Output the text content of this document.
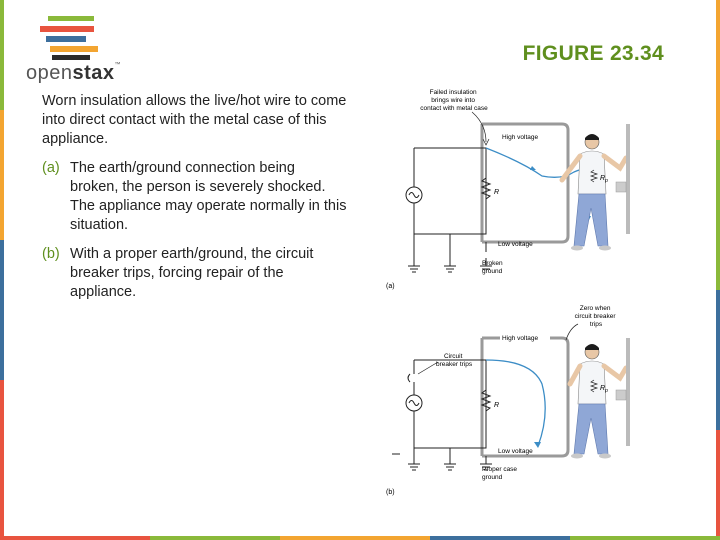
openstax™	FIGURE 23.34

Worn insulation allows the live/hot wire to come into direct contact with the metal case of this appliance.

(a) The earth/ground connection being broken, the person is severely shocked. The appliance may operate normally in this situation.
(b) With a proper earth/ground, the circuit breaker trips, forcing repair of the appliance.
R
Broken ground
Failed insulation brings wire into contact with metal case
High voltage
Low voltage
$R_p$
(a)
R
Circuit breaker trips
Proper case ground
High voltage
Low voltage
Zero when circuit breaker trips
$R_p$
(b)
